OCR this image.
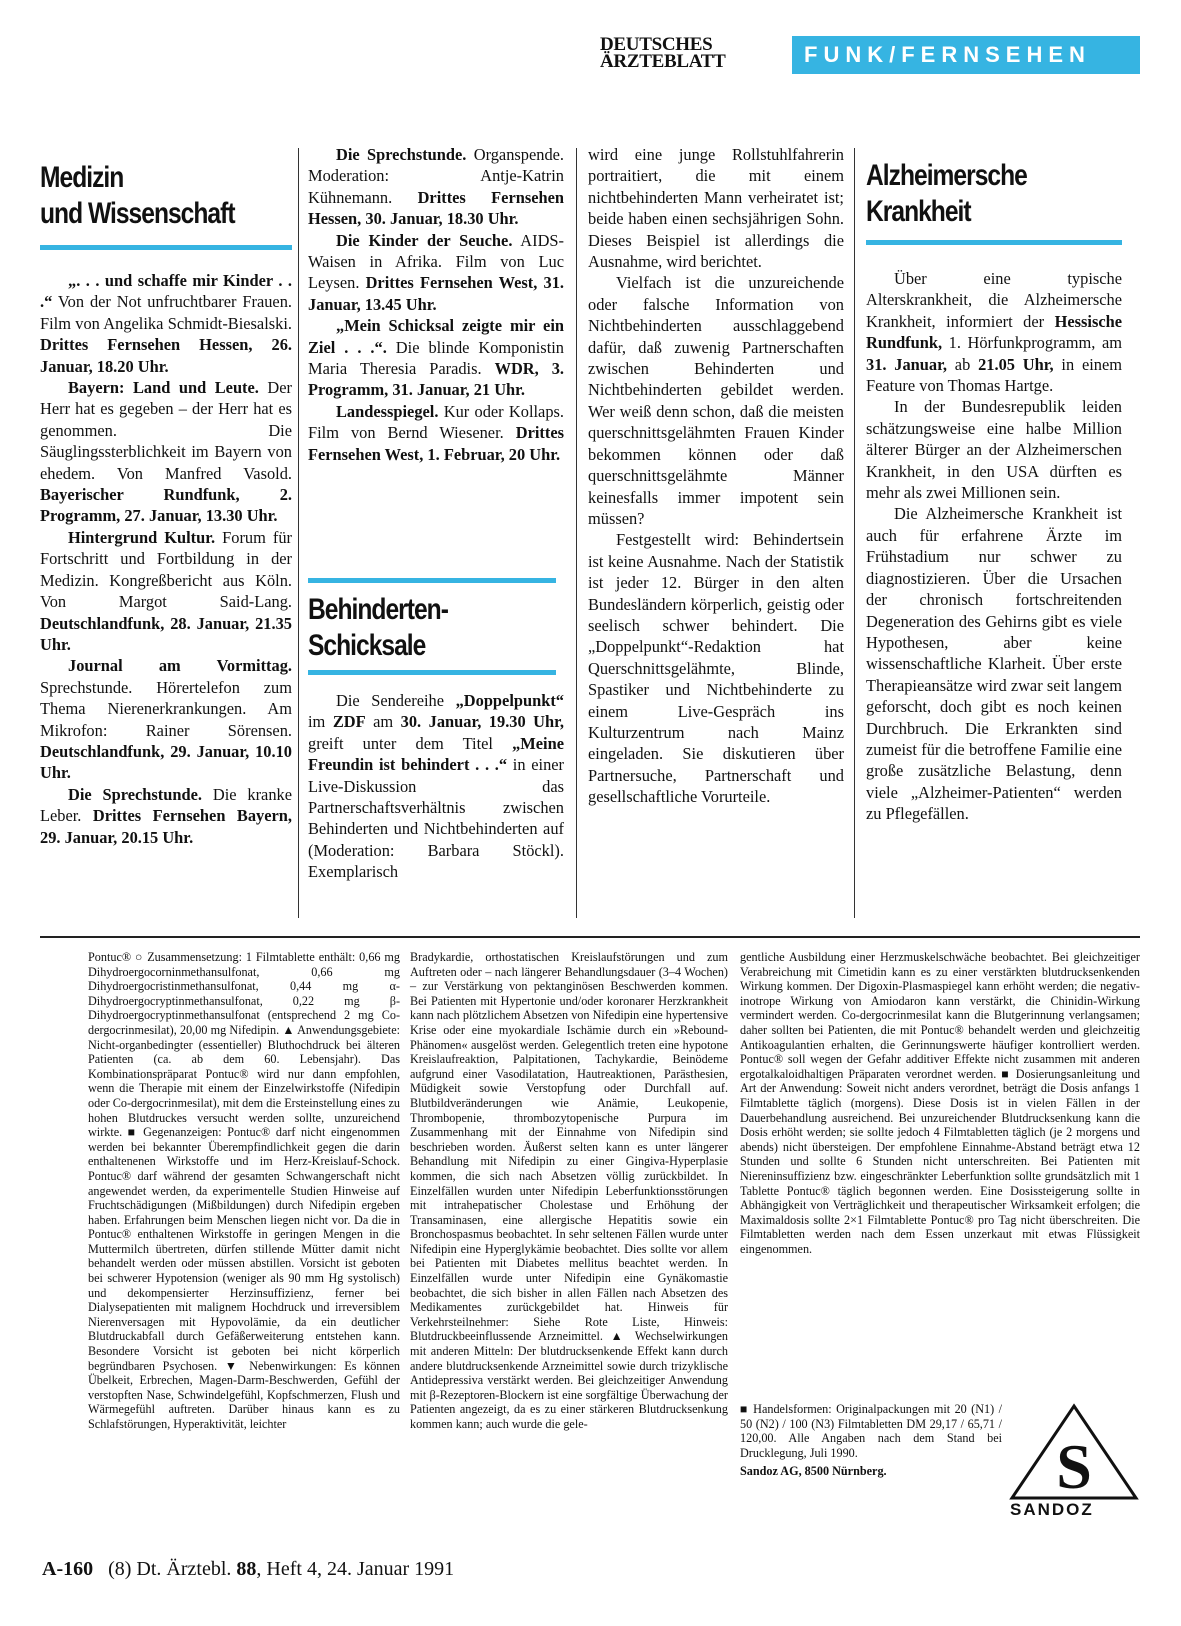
DEUTSCHES
ÄRZTEBLATT	FUNK/FERNSEHEN
Medizin
und Wissenschaft

„. . . und schaffe mir Kinder . . .“ Von der Not unfruchtbarer Frauen. Film von Angelika Schmidt-Biesalski. Drittes Fernsehen Hessen, 26. Januar, 18.20 Uhr.

Bayern: Land und Leute. Der Herr hat es gegeben – der Herr hat es genommen. Die Säuglingssterblichkeit im Bayern von ehedem. Von Manfred Vasold. Bayerischer Rundfunk, 2. Programm, 27. Januar, 13.30 Uhr.

Hintergrund Kultur. Forum für Fortschritt und Fortbildung in der Medizin. Kongreßbericht aus Köln. Von Margot Said-Lang. Deutschlandfunk, 28. Januar, 21.35 Uhr.

Journal am Vormittag. Sprechstunde. Hörertelefon zum Thema Nierenerkrankungen. Am Mikrofon: Rainer Sörensen. Deutschlandfunk, 29. Januar, 10.10 Uhr.

Die Sprechstunde. Die kranke Leber. Drittes Fernsehen Bayern, 29. Januar, 20.15 Uhr.

Die Sprechstunde. Organspende. Moderation: Antje-Katrin Kühnemann. Drittes Fernsehen Hessen, 30. Januar, 18.30 Uhr.

Die Kinder der Seuche. AIDS-Waisen in Afrika. Film von Luc Leysen. Drittes Fernsehen West, 31. Januar, 13.45 Uhr.

„Mein Schicksal zeigte mir ein Ziel . . .“. Die blinde Komponistin Maria Theresia Paradis. WDR, 3. Programm, 31. Januar, 21 Uhr.

Landesspiegel. Kur oder Kollaps. Film von Bernd Wiesener. Drittes Fernsehen West, 1. Februar, 20 Uhr.

Behinderten-
Schicksale

Die Sendereihe „Doppelpunkt“ im ZDF am 30. Januar, 19.30 Uhr, greift unter dem Titel „Meine Freundin ist behindert . . .“ in einer Live-Diskussion das Partnerschaftsverhältnis zwischen Behinderten und Nichtbehinderten auf (Moderation: Barbara Stöckl). Exemplarisch

wird eine junge Rollstuhlfahrerin portraitiert, die mit einem nichtbehinderten Mann verheiratet ist; beide haben einen sechsjährigen Sohn. Dieses Beispiel ist allerdings die Ausnahme, wird berichtet.

Vielfach ist die unzureichende oder falsche Information von Nichtbehinderten ausschlaggebend dafür, daß zuwenig Partnerschaften zwischen Behinderten und Nichtbehinderten gebildet werden. Wer weiß denn schon, daß die meisten querschnittsgelähmten Frauen Kinder bekommen können oder daß querschnittsgelähmte Männer keinesfalls immer impotent sein müssen?

Festgestellt wird: Behindertsein ist keine Ausnahme. Nach der Statistik ist jeder 12. Bürger in den alten Bundesländern körperlich, geistig oder seelisch schwer behindert. Die „Doppelpunkt“-Redaktion hat Querschnittsgelähmte, Blinde, Spastiker und Nichtbehinderte zu einem Live-Gespräch ins Kulturzentrum nach Mainz eingeladen. Sie diskutieren über Partnersuche, Partnerschaft und gesellschaftliche Vorurteile.

Alzheimersche
Krankheit

Über eine typische Alterskrankheit, die Alzheimersche Krankheit, informiert der Hessische Rundfunk, 1. Hörfunkprogramm, am 31. Januar, ab 21.05 Uhr, in einem Feature von Thomas Hartge.

In der Bundesrepublik leiden schätzungsweise eine halbe Million älterer Bürger an der Alzheimerschen Krankheit, in den USA dürften es mehr als zwei Millionen sein.

Die Alzheimersche Krankheit ist auch für erfahrene Ärzte im Frühstadium nur schwer zu diagnostizieren. Über die Ursachen der chronisch fortschreitenden Degeneration des Gehirns gibt es viele Hypothesen, aber keine wissenschaftliche Klarheit. Über erste Therapieansätze wird zwar seit langem geforscht, doch gibt es noch keinen Durchbruch. Die Erkrankten sind zumeist für die betroffene Familie eine große zusätzliche Belastung, denn viele „Alzheimer-Patienten“ werden zu Pflegefällen.

Pontuc® ○ Zusammensetzung: 1 Filmtablette enthält: 0,66 mg Dihydroergocorninmethansulfonat, 0,66 mg Dihydroergocristinmethansulfonat, 0,44 mg α-Dihydroergocryptinmethansulfonat, 0,22 mg β-Dihydroergocryptinmethansulfonat (entsprechend 2 mg Co-dergocrinmesilat), 20,00 mg Nifedipin. ▲ Anwendungsgebiete: Nicht-organbedingter (essentieller) Bluthochdruck bei älteren Patienten (ca. ab dem 60. Lebensjahr). Das Kombinationspräparat Pontuc® wird nur dann empfohlen, wenn die Therapie mit einem der Einzelwirkstoffe (Nifedipin oder Co-dergocrinmesilat), mit dem die Ersteinstellung eines zu hohen Blutdruckes versucht werden sollte, unzureichend wirkte. ■ Gegenanzeigen: Pontuc® darf nicht eingenommen werden bei bekannter Überempfindlichkeit gegen die darin enthaltenenen Wirkstoffe und im Herz-Kreislauf-Schock. Pontuc® darf während der gesamten Schwangerschaft nicht angewendet werden, da experimentelle Studien Hinweise auf Fruchtschädigungen (Mißbildungen) durch Nifedipin ergeben haben. Erfahrungen beim Menschen liegen nicht vor. Da die in Pontuc® enthaltenen Wirkstoffe in geringen Mengen in die Muttermilch übertreten, dürfen stillende Mütter damit nicht behandelt werden oder müssen abstillen. Vorsicht ist geboten bei schwerer Hypotension (weniger als 90 mm Hg systolisch) und dekompensierter Herzinsuffizienz, ferner bei Dialysepatienten mit malignem Hochdruck und irreversiblem Nierenversagen mit Hypovolämie, da ein deutlicher Blutdruckabfall durch Gefäßerweiterung entstehen kann. Besondere Vorsicht ist geboten bei nicht körperlich begründbaren Psychosen. ▼ Nebenwirkungen: Es können Übelkeit, Erbrechen, Magen-Darm-Beschwerden, Gefühl der verstopften Nase, Schwindelgefühl, Kopfschmerzen, Flush und Wärmegefühl auftreten. Darüber hinaus kann es zu Schlafstörungen, Hyperaktivität, leichter

Bradykardie, orthostatischen Kreislaufstörungen und zum Auftreten oder – nach längerer Behandlungsdauer (3–4 Wochen) – zur Verstärkung von pektanginösen Beschwerden kommen. Bei Patienten mit Hypertonie und/oder koronarer Herzkrankheit kann nach plötzlichem Absetzen von Nifedipin eine hypertensive Krise oder eine myokardiale Ischämie durch ein »Rebound-Phänomen« ausgelöst werden. Gelegentlich treten eine hypotone Kreislaufreaktion, Palpitationen, Tachykardie, Beinödeme aufgrund einer Vasodilatation, Hautreaktionen, Parästhesien, Müdigkeit sowie Verstopfung oder Durchfall auf. Blutbildveränderungen wie Anämie, Leukopenie, Thrombopenie, thrombozytopenische Purpura im Zusammenhang mit der Einnahme von Nifedipin sind beschrieben worden. Äußerst selten kann es unter längerer Behandlung mit Nifedipin zu einer Gingiva-Hyperplasie kommen, die sich nach Absetzen völlig zurückbildet. In Einzelfällen wurden unter Nifedipin Leberfunktionsstörungen mit intrahepatischer Cholestase und Erhöhung der Transaminasen, eine allergische Hepatitis sowie ein Bronchospasmus beobachtet. In sehr seltenen Fällen wurde unter Nifedipin eine Hyperglykämie beobachtet. Dies sollte vor allem bei Patienten mit Diabetes mellitus beachtet werden. In Einzelfällen wurde unter Nifedipin eine Gynäkomastie beobachtet, die sich bisher in allen Fällen nach Absetzen des Medikamentes zurückgebildet hat. Hinweis für Verkehrsteilnehmer: Siehe Rote Liste, Hinweis: Blutdruckbeeinflussende Arzneimittel. ▲ Wechselwirkungen mit anderen Mitteln: Der blutdrucksenkende Effekt kann durch andere blutdrucksenkende Arzneimittel sowie durch trizyklische Antidepressiva verstärkt werden. Bei gleichzeitiger Anwendung mit β-Rezeptoren-Blockern ist eine sorgfältige Überwachung der Patienten angezeigt, da es zu einer stärkeren Blutdrucksenkung kommen kann; auch wurde die gele-

gentliche Ausbildung einer Herzmuskelschwäche beobachtet. Bei gleichzeitiger Verabreichung mit Cimetidin kann es zu einer verstärkten blutdrucksenkenden Wirkung kommen. Der Digoxin-Plasmaspiegel kann erhöht werden; die negativ-inotrope Wirkung von Amiodaron kann verstärkt, die Chinidin-Wirkung vermindert werden. Co-dergocrinmesilat kann die Blutgerinnung verlangsamen; daher sollten bei Patienten, die mit Pontuc® behandelt werden und gleichzeitig Antikoagulantien erhalten, die Gerinnungswerte häufiger kontrolliert werden. Pontuc® soll wegen der Gefahr additiver Effekte nicht zusammen mit anderen ergotalkaloidhaltigen Präparaten verordnet werden. ■ Dosierungsanleitung und Art der Anwendung: Soweit nicht anders verordnet, beträgt die Dosis anfangs 1 Filmtablette täglich (morgens). Diese Dosis ist in vielen Fällen in der Dauerbehandlung ausreichend. Bei unzureichender Blutdrucksenkung kann die Dosis erhöht werden; sie sollte jedoch 4 Filmtabletten täglich (je 2 morgens und abends) nicht übersteigen. Der empfohlene Einnahme-Abstand beträgt etwa 12 Stunden und sollte 6 Stunden nicht unterschreiten. Bei Patienten mit Niereninsuffizienz bzw. eingeschränkter Leberfunktion sollte grundsätzlich mit 1 Tablette Pontuc® täglich begonnen werden. Eine Dosissteigerung sollte in Abhängigkeit von Verträglichkeit und therapeutischer Wirksamkeit erfolgen; die Maximaldosis sollte 2×1 Filmtablette Pontuc® pro Tag nicht überschreiten. Die Filmtabletten werden nach dem Essen unzerkaut mit etwas Flüssigkeit eingenommen.

■ Handelsformen: Originalpackungen mit 20 (N1) / 50 (N2) / 100 (N3) Filmtabletten DM 29,17 / 65,71 / 120,00. Alle Angaben nach dem Stand bei Drucklegung, Juli 1990.

Sandoz AG, 8500 Nürnberg.	S
SANDOZ
A-160 (8) Dt. Ärztebl. 88, Heft 4, 24. Januar 1991
